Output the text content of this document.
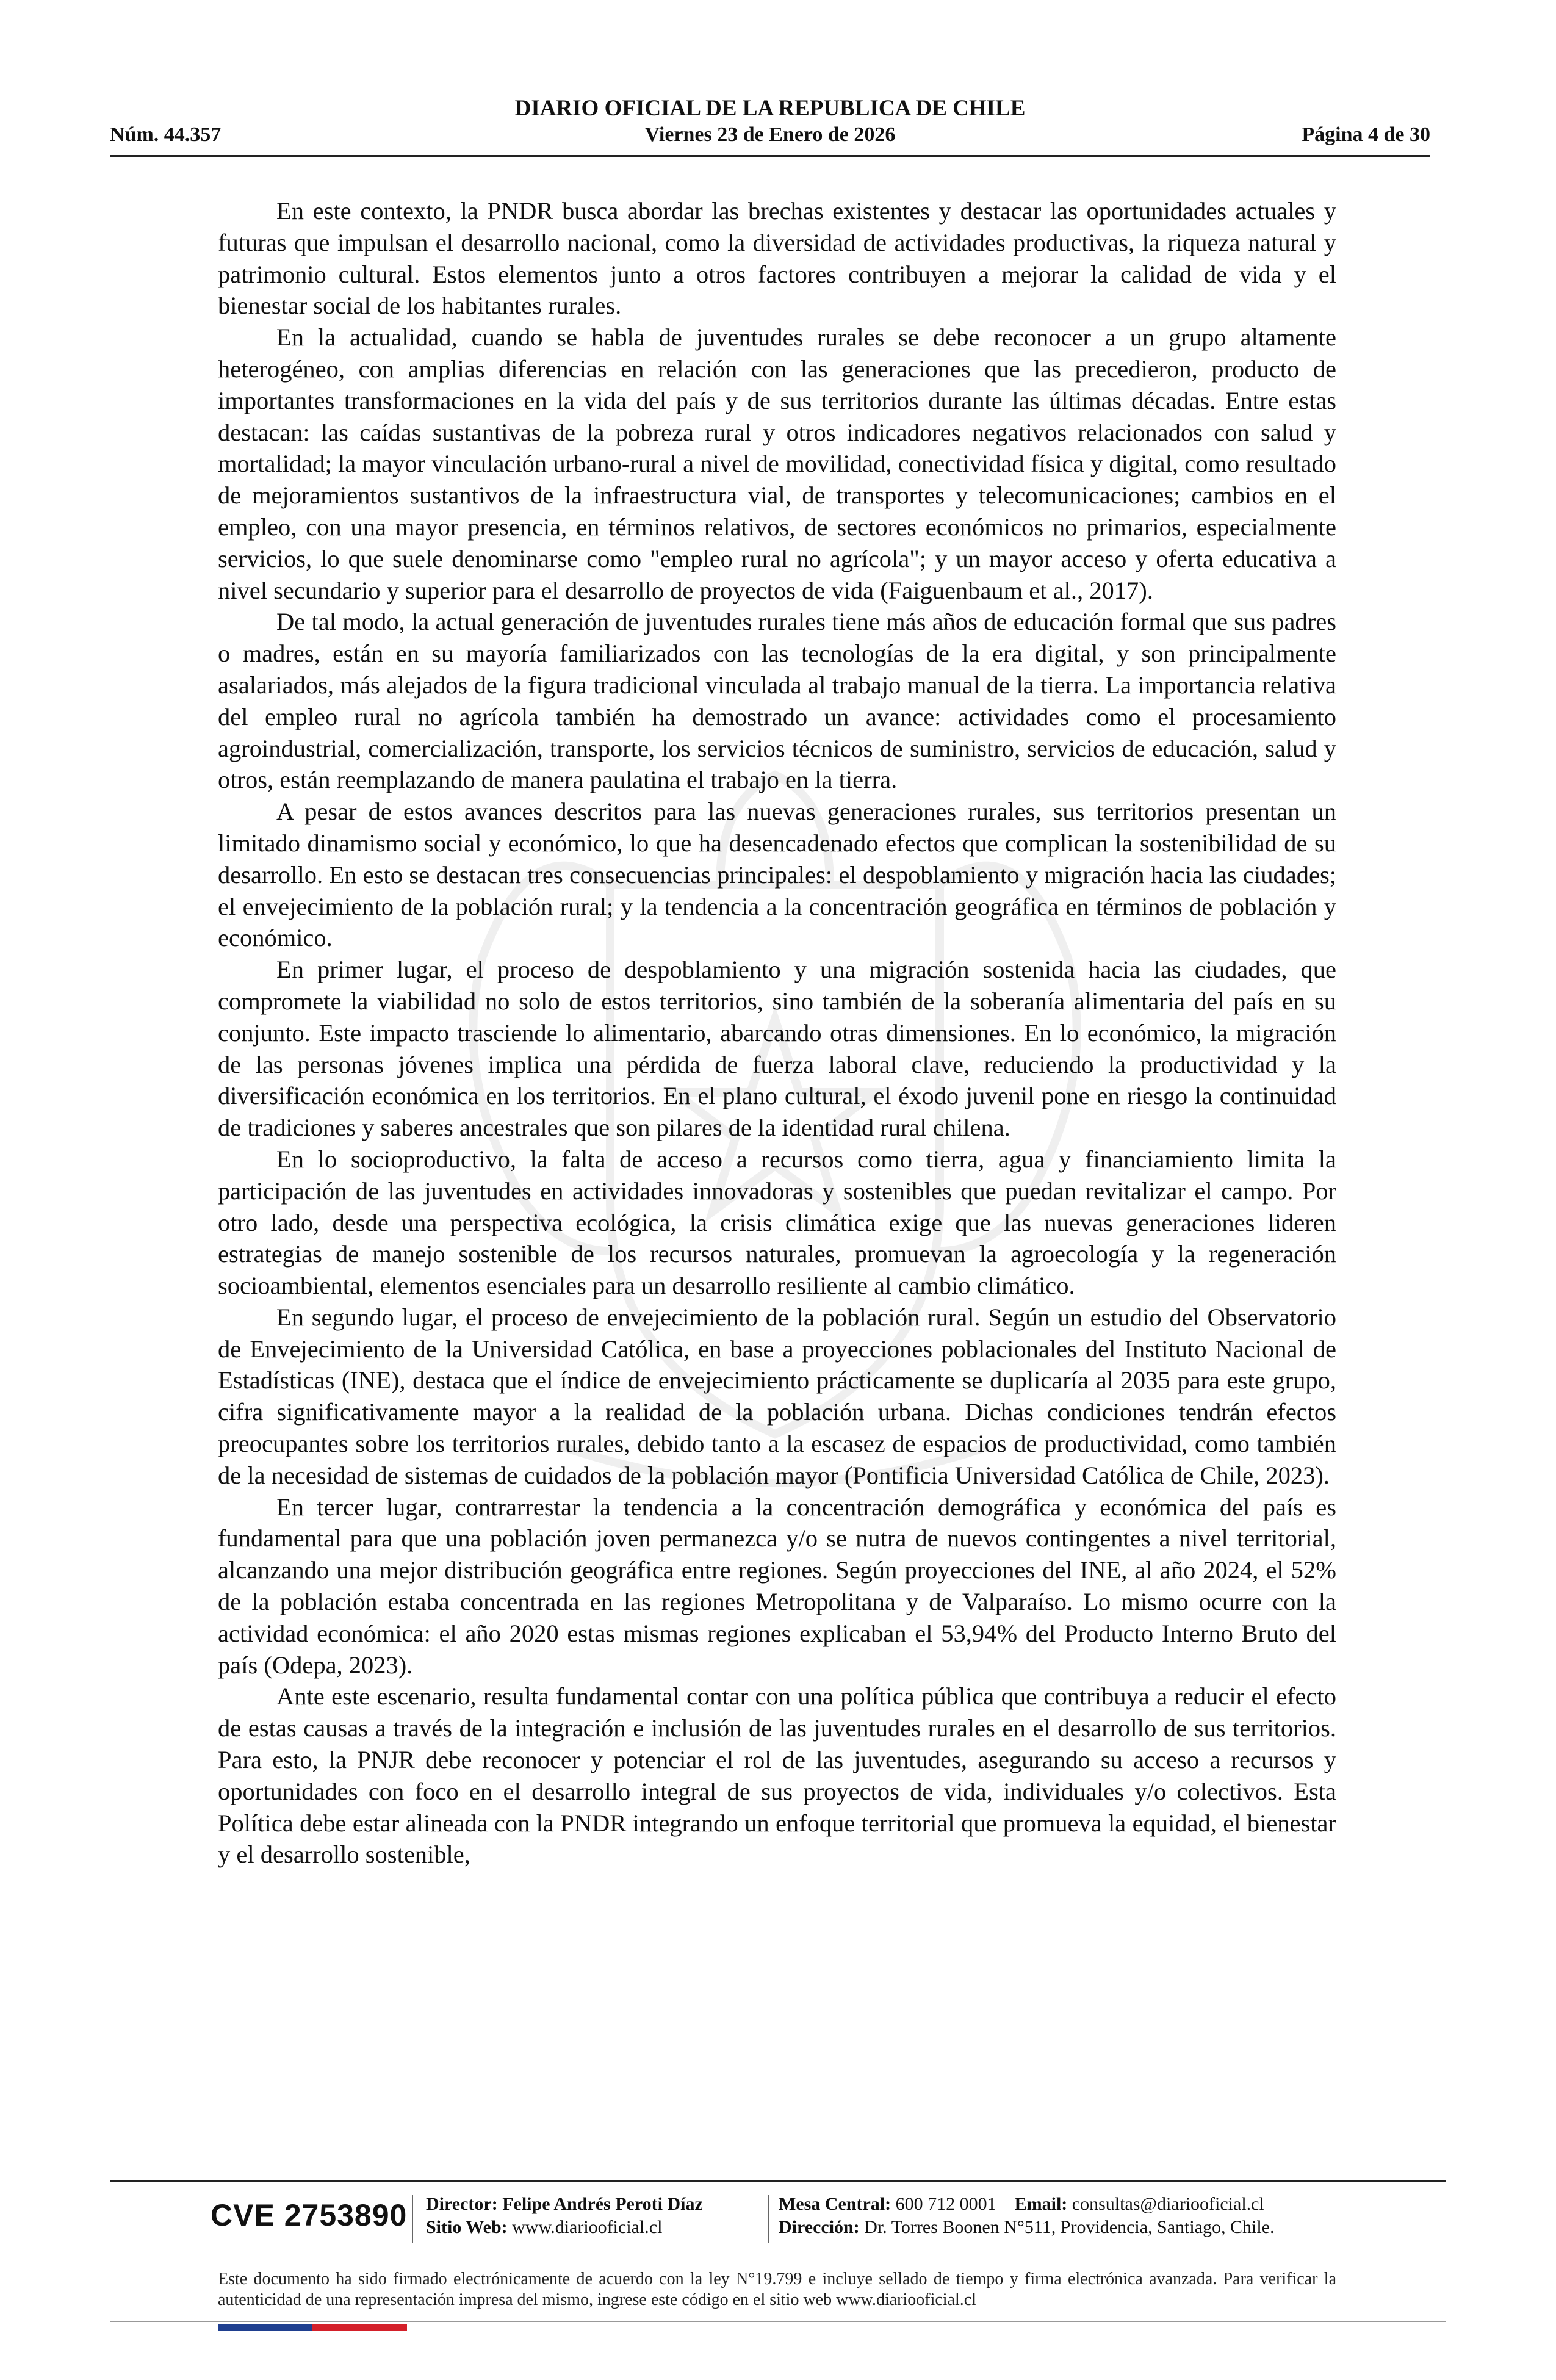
DIARIO OFICIAL DE LA REPUBLICA DE CHILE
Núm. 44.357	Viernes 23 de Enero de 2026	Página 4 de 30

En este contexto, la PNDR busca abordar las brechas existentes y destacar las oportunidades actuales y futuras que impulsan el desarrollo nacional, como la diversidad de actividades productivas, la riqueza natural y patrimonio cultural. Estos elementos junto a otros factores contribuyen a mejorar la calidad de vida y el bienestar social de los habitantes rurales.

En la actualidad, cuando se habla de juventudes rurales se debe reconocer a un grupo altamente heterogéneo, con amplias diferencias en relación con las generaciones que las precedieron, producto de importantes transformaciones en la vida del país y de sus territorios durante las últimas décadas. Entre estas destacan: las caídas sustantivas de la pobreza rural y otros indicadores negativos relacionados con salud y mortalidad; la mayor vinculación urbano-rural a nivel de movilidad, conectividad física y digital, como resultado de mejoramientos sustantivos de la infraestructura vial, de transportes y telecomunicaciones; cambios en el empleo, con una mayor presencia, en términos relativos, de sectores económicos no primarios, especialmente servicios, lo que suele denominarse como "empleo rural no agrícola"; y un mayor acceso y oferta educativa a nivel secundario y superior para el desarrollo de proyectos de vida (Faiguenbaum et al., 2017).

De tal modo, la actual generación de juventudes rurales tiene más años de educación formal que sus padres o madres, están en su mayoría familiarizados con las tecnologías de la era digital, y son principalmente asalariados, más alejados de la figura tradicional vinculada al trabajo manual de la tierra. La importancia relativa del empleo rural no agrícola también ha demostrado un avance: actividades como el procesamiento agroindustrial, comercialización, transporte, los servicios técnicos de suministro, servicios de educación, salud y otros, están reemplazando de manera paulatina el trabajo en la tierra.

A pesar de estos avances descritos para las nuevas generaciones rurales, sus territorios presentan un limitado dinamismo social y económico, lo que ha desencadenado efectos que complican la sostenibilidad de su desarrollo. En esto se destacan tres consecuencias principales: el despoblamiento y migración hacia las ciudades; el envejecimiento de la población rural; y la tendencia a la concentración geográfica en términos de población y económico.

En primer lugar, el proceso de despoblamiento y una migración sostenida hacia las ciudades, que compromete la viabilidad no solo de estos territorios, sino también de la soberanía alimentaria del país en su conjunto. Este impacto trasciende lo alimentario, abarcando otras dimensiones. En lo económico, la migración de las personas jóvenes implica una pérdida de fuerza laboral clave, reduciendo la productividad y la diversificación económica en los territorios. En el plano cultural, el éxodo juvenil pone en riesgo la continuidad de tradiciones y saberes ancestrales que son pilares de la identidad rural chilena.

En lo socioproductivo, la falta de acceso a recursos como tierra, agua y financiamiento limita la participación de las juventudes en actividades innovadoras y sostenibles que puedan revitalizar el campo. Por otro lado, desde una perspectiva ecológica, la crisis climática exige que las nuevas generaciones lideren estrategias de manejo sostenible de los recursos naturales, promuevan la agroecología y la regeneración socioambiental, elementos esenciales para un desarrollo resiliente al cambio climático.

En segundo lugar, el proceso de envejecimiento de la población rural. Según un estudio del Observatorio de Envejecimiento de la Universidad Católica, en base a proyecciones poblacionales del Instituto Nacional de Estadísticas (INE), destaca que el índice de envejecimiento prácticamente se duplicaría al 2035 para este grupo, cifra significativamente mayor a la realidad de la población urbana. Dichas condiciones tendrán efectos preocupantes sobre los territorios rurales, debido tanto a la escasez de espacios de productividad, como también de la necesidad de sistemas de cuidados de la población mayor (Pontificia Universidad Católica de Chile, 2023).

En tercer lugar, contrarrestar la tendencia a la concentración demográfica y económica del país es fundamental para que una población joven permanezca y/o se nutra de nuevos contingentes a nivel territorial, alcanzando una mejor distribución geográfica entre regiones. Según proyecciones del INE, al año 2024, el 52% de la población estaba concentrada en las regiones Metropolitana y de Valparaíso. Lo mismo ocurre con la actividad económica: el año 2020 estas mismas regiones explicaban el 53,94% del Producto Interno Bruto del país (Odepa, 2023).

Ante este escenario, resulta fundamental contar con una política pública que contribuya a reducir el efecto de estas causas a través de la integración e inclusión de las juventudes rurales en el desarrollo de sus territorios. Para esto, la PNJR debe reconocer y potenciar el rol de las juventudes, asegurando su acceso a recursos y oportunidades con foco en el desarrollo integral de sus proyectos de vida, individuales y/o colectivos. Esta Política debe estar alineada con la PNDR integrando un enfoque territorial que promueva la equidad, el bienestar y el desarrollo sostenible,

CVE 2753890 Director: Felipe Andrés Peroti Díaz
Sitio Web: www.diariooficial.cl
Mesa Central: 600 712 0001 Email: consultas@diariooficial.cl
Dirección: Dr. Torres Boonen N°511, Providencia, Santiago, Chile.
Este documento ha sido firmado electrónicamente de acuerdo con la ley N°19.799 e incluye sellado de tiempo y firma electrónica avanzada. Para verificar la autenticidad de una representación impresa del mismo, ingrese este código en el sitio web www.diariooficial.cl
